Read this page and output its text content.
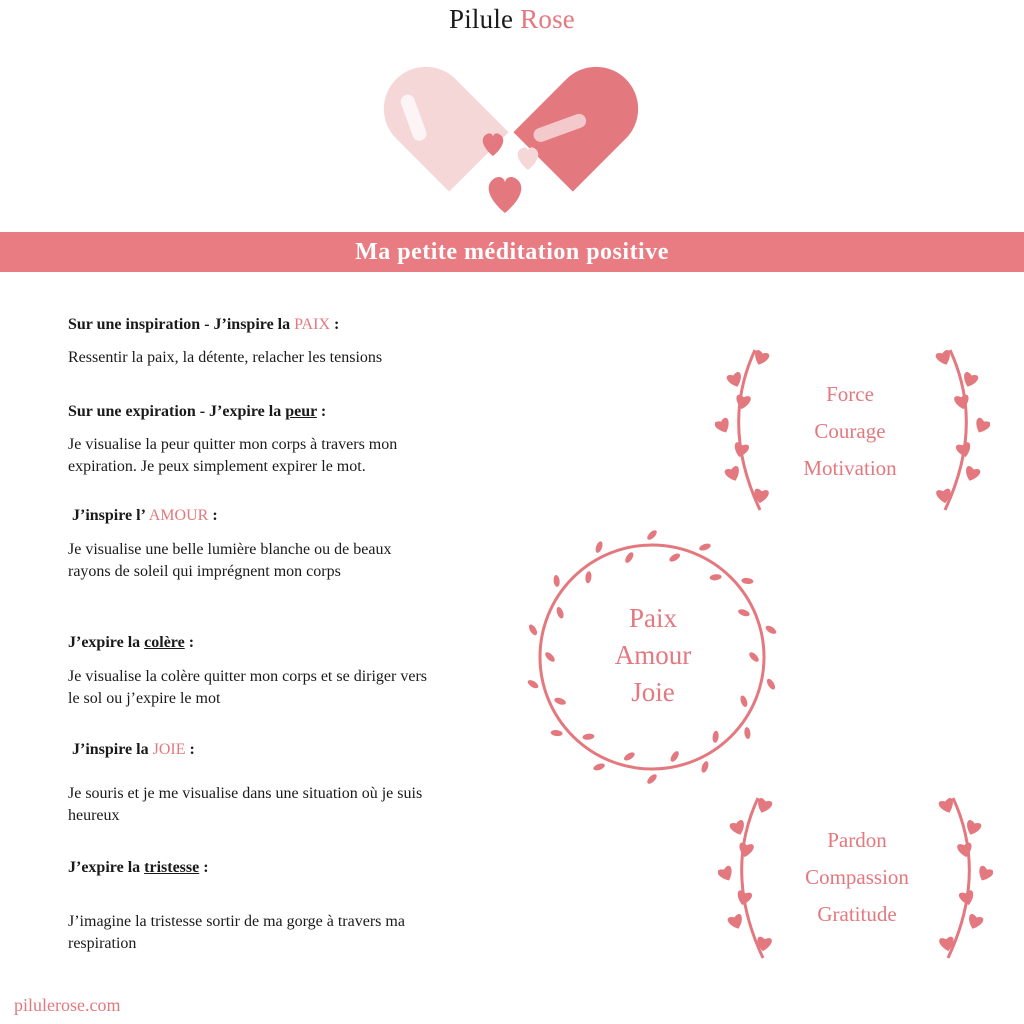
Pilule Rose
Ma petite méditation positive
Sur une inspiration - J’inspire la PAIX :
Ressentir la paix, la détente, relacher les tensions
Sur une expiration - J’expire la peur :
Je visualise la peur quitter mon corps à travers mon
expiration. Je peux simplement expirer le mot.
J’inspire l’ AMOUR :
Je visualise une belle lumière blanche ou de beaux
rayons de soleil qui imprégnent mon corps
J’expire la colère :
Je visualise la colère quitter mon corps et se diriger vers
le sol ou j’expire le mot
J’inspire la JOIE :
Je souris et je me visualise dans une situation où je suis
heureux
J’expire la tristesse :
J’imagine la tristesse sortir de ma gorge à travers ma
respiration
Force
Courage
Motivation
Paix
Amour
Joie
Pardon
Compassion
Gratitude
pilulerose.com
